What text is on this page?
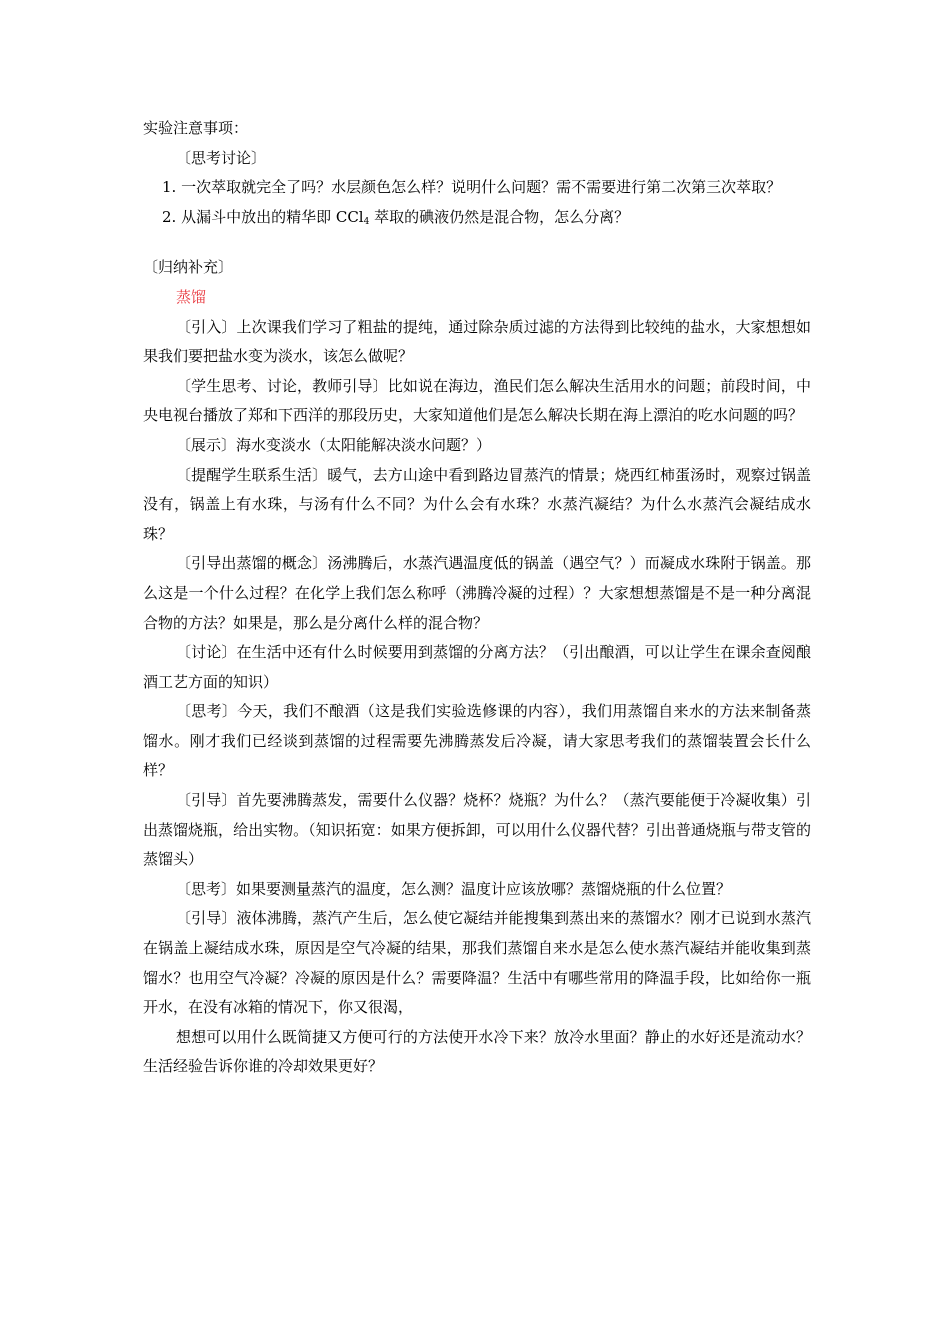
实验注意事项：

〔思考讨论〕

1. 一次萃取就完全了吗？水层颜色怎么样？说明什么问题？需不需要进行第二次第三次萃取？

2. 从漏斗中放出的精华即 CCl$_4$ 萃取的碘液仍然是混合物，怎么分离？

〔归纳补充〕

蒸馏

〔引入〕上次课我们学习了粗盐的提纯，通过除杂质过滤的方法得到比较纯的盐水，大家想想如果我们要把盐水变为淡水，该怎么做呢？

〔学生思考、讨论，教师引导〕比如说在海边，渔民们怎么解决生活用水的问题；前段时间，中央电视台播放了郑和下西洋的那段历史，大家知道他们是怎么解决长期在海上漂泊的吃水问题的吗？

〔展示〕海水变淡水（太阳能解决淡水问题？）

〔提醒学生联系生活〕暖气，去方山途中看到路边冒蒸汽的情景；烧西红柿蛋汤时，观察过锅盖没有，锅盖上有水珠，与汤有什么不同？为什么会有水珠？水蒸汽凝结？为什么水蒸汽会凝结成水珠？

〔引导出蒸馏的概念〕汤沸腾后，水蒸汽遇温度低的锅盖（遇空气？）而凝成水珠附于锅盖。那么这是一个什么过程？在化学上我们怎么称呼（沸腾冷凝的过程）？大家想想蒸馏是不是一种分离混合物的方法？如果是，那么是分离什么样的混合物？

〔讨论〕在生活中还有什么时候要用到蒸馏的分离方法？（引出酿酒，可以让学生在课余查阅酿酒工艺方面的知识）

〔思考〕今天，我们不酿酒（这是我们实验选修课的内容），我们用蒸馏自来水的方法来制备蒸馏水。刚才我们已经谈到蒸馏的过程需要先沸腾蒸发后冷凝，请大家思考我们的蒸馏装置会长什么样？

〔引导〕首先要沸腾蒸发，需要什么仪器？烧杯？烧瓶？为什么？（蒸汽要能便于冷凝收集）引出蒸馏烧瓶，给出实物。（知识拓宽：如果方便拆卸，可以用什么仪器代替？引出普通烧瓶与带支管的蒸馏头）

〔思考〕如果要测量蒸汽的温度，怎么测？温度计应该放哪？蒸馏烧瓶的什么位置？

〔引导〕液体沸腾，蒸汽产生后，怎么使它凝结并能搜集到蒸出来的蒸馏水？刚才已说到水蒸汽在锅盖上凝结成水珠，原因是空气冷凝的结果，那我们蒸馏自来水是怎么使水蒸汽凝结并能收集到蒸馏水？也用空气冷凝？冷凝的原因是什么？需要降温？生活中有哪些常用的降温手段，比如给你一瓶开水，在没有冰箱的情况下，你又很渴，

想想可以用什么既简捷又方便可行的方法使开水冷下来？放冷水里面？静止的水好还是流动水？生活经验告诉你谁的冷却效果更好？
